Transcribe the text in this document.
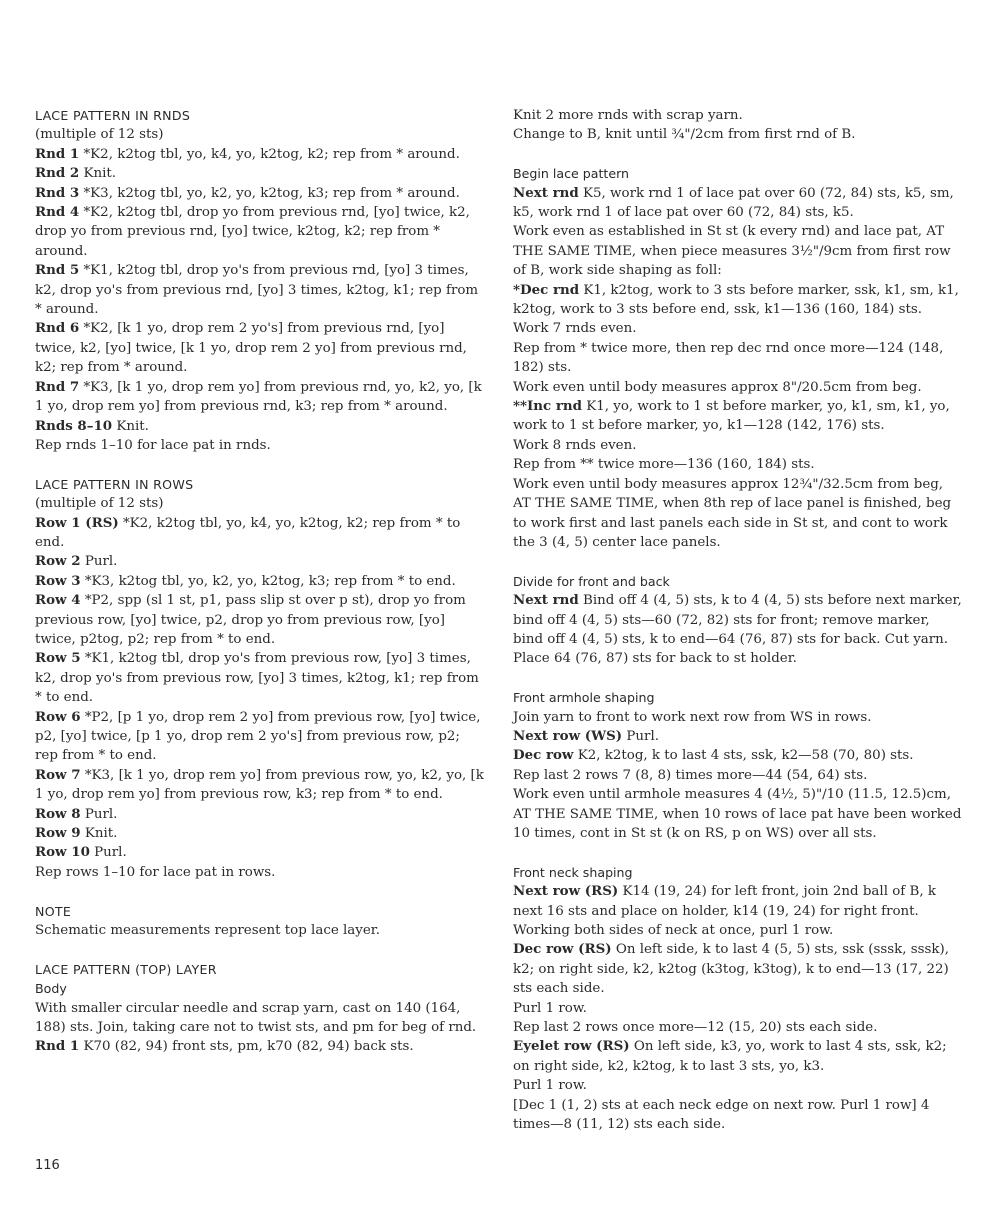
LACE PATTERN IN RNDS

(multiple of 12 sts)

Rnd 1 *K2, k2tog tbl, yo, k4, yo, k2tog, k2; rep from * around.

Rnd 2 Knit.

Rnd 3 *K3, k2tog tbl, yo, k2, yo, k2tog, k3; rep from * around.

Rnd 4 *K2, k2tog tbl, drop yo from previous rnd, [yo] twice, k2, drop yo from previous rnd, [yo] twice, k2tog, k2; rep from * around.

Rnd 5 *K1, k2tog tbl, drop yo's from previous rnd, [yo] 3 times, k2, drop yo's from previous rnd, [yo] 3 times, k2tog, k1; rep from * around.

Rnd 6 *K2, [k 1 yo, drop rem 2 yo's] from previous rnd, [yo] twice, k2, [yo] twice, [k 1 yo, drop rem 2 yo] from previous rnd, k2; rep from * around.

Rnd 7 *K3, [k 1 yo, drop rem yo] from previous rnd, yo, k2, yo, [k 1 yo, drop rem yo] from previous rnd, k3; rep from * around.

Rnds 8–10 Knit.

Rep rnds 1–10 for lace pat in rnds.

LACE PATTERN IN ROWS

(multiple of 12 sts)

Row 1 (RS) *K2, k2tog tbl, yo, k4, yo, k2tog, k2; rep from * to end.

Row 2 Purl.

Row 3 *K3, k2tog tbl, yo, k2, yo, k2tog, k3; rep from * to end.

Row 4 *P2, spp (sl 1 st, p1, pass slip st over p st), drop yo from previous row, [yo] twice, p2, drop yo from previous row, [yo] twice, p2tog, p2; rep from * to end.

Row 5 *K1, k2tog tbl, drop yo's from previous row, [yo] 3 times, k2, drop yo's from previous row, [yo] 3 times, k2tog, k1; rep from * to end.

Row 6 *P2, [p 1 yo, drop rem 2 yo] from previous row, [yo] twice, p2, [yo] twice, [p 1 yo, drop rem 2 yo's] from previous row, p2; rep from * to end.

Row 7 *K3, [k 1 yo, drop rem yo] from previous row, yo, k2, yo, [k 1 yo, drop rem yo] from previous row, k3; rep from * to end.

Row 8 Purl.

Row 9 Knit.

Row 10 Purl.

Rep rows 1–10 for lace pat in rows.

NOTE

Schematic measurements represent top lace layer.

LACE PATTERN (TOP) LAYER

Body

With smaller circular needle and scrap yarn, cast on 140 (164, 188) sts. Join, taking care not to twist sts, and pm for beg of rnd.

Rnd 1 K70 (82, 94) front sts, pm, k70 (82, 94) back sts.

Knit 2 more rnds with scrap yarn.

Change to B, knit until ¾"/2cm from first rnd of B.

Begin lace pattern

Next rnd K5, work rnd 1 of lace pat over 60 (72, 84) sts, k5, sm, k5, work rnd 1 of lace pat over 60 (72, 84) sts, k5.

Work even as established in St st (k every rnd) and lace pat, AT THE SAME TIME, when piece measures 3½"/9cm from first row of B, work side shaping as foll:

*Dec rnd K1, k2tog, work to 3 sts before marker, ssk, k1, sm, k1, k2tog, work to 3 sts before end, ssk, k1—136 (160, 184) sts.

Work 7 rnds even.

Rep from * twice more, then rep dec rnd once more—124 (148, 182) sts.

Work even until body measures approx 8"/20.5cm from beg.

**Inc rnd K1, yo, work to 1 st before marker, yo, k1, sm, k1, yo, work to 1 st before marker, yo, k1—128 (142, 176) sts.

Work 8 rnds even.

Rep from ** twice more—136 (160, 184) sts.

Work even until body measures approx 12¾"/32.5cm from beg, AT THE SAME TIME, when 8th rep of lace panel is finished, beg to work first and last panels each side in St st, and cont to work the 3 (4, 5) center lace panels.

Divide for front and back

Next rnd Bind off 4 (4, 5) sts, k to 4 (4, 5) sts before next marker, bind off 4 (4, 5) sts—60 (72, 82) sts for front; remove marker, bind off 4 (4, 5) sts, k to end—64 (76, 87) sts for back. Cut yarn. Place 64 (76, 87) sts for back to st holder.

Front armhole shaping

Join yarn to front to work next row from WS in rows.

Next row (WS) Purl.

Dec row K2, k2tog, k to last 4 sts, ssk, k2—58 (70, 80) sts.

Rep last 2 rows 7 (8, 8) times more—44 (54, 64) sts.

Work even until armhole measures 4 (4½, 5)"/10 (11.5, 12.5)cm, AT THE SAME TIME, when 10 rows of lace pat have been worked 10 times, cont in St st (k on RS, p on WS) over all sts.

Front neck shaping

Next row (RS) K14 (19, 24) for left front, join 2nd ball of B, k next 16 sts and place on holder, k14 (19, 24) for right front.

Working both sides of neck at once, purl 1 row.

Dec row (RS) On left side, k to last 4 (5, 5) sts, ssk (sssk, sssk), k2; on right side, k2, k2tog (k3tog, k3tog), k to end—13 (17, 22) sts each side.

Purl 1 row.

Rep last 2 rows once more—12 (15, 20) sts each side.

Eyelet row (RS) On left side, k3, yo, work to last 4 sts, ssk, k2; on right side, k2, k2tog, k to last 3 sts, yo, k3.

Purl 1 row.

[Dec 1 (1, 2) sts at each neck edge on next row. Purl 1 row] 4 times—8 (11, 12) sts each side.

116
